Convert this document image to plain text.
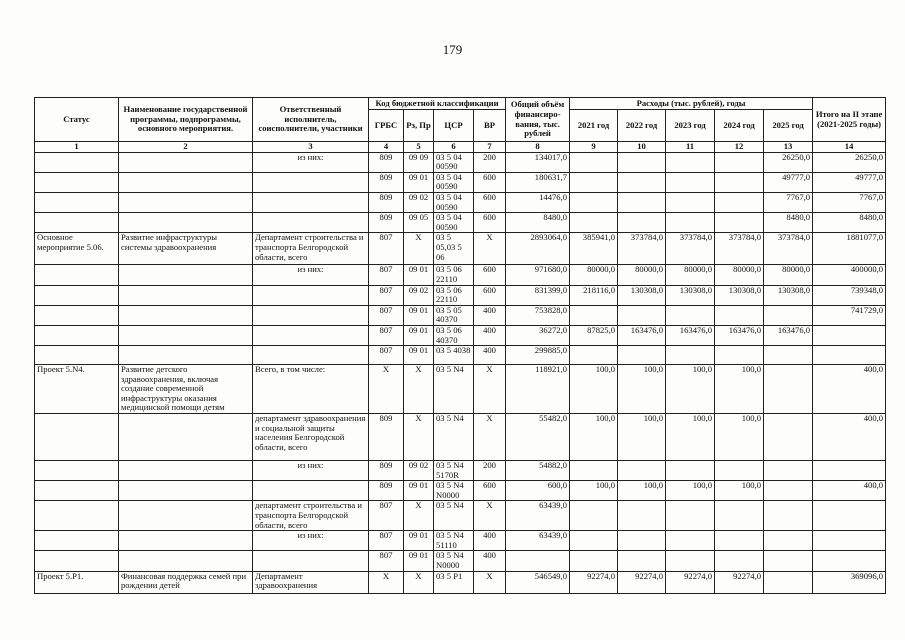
179
Статус	Наименование государственной программы, подпрограммы, основного мероприятия.	Ответственный исполнитель, соисполнители, участники	Код бюджетной классификации				Общий объём финансиро-вания, тыс. рублей	Расходы (тыс. рублей), годы					Итого на II этапе (2021-2025 годы)
			ГРБС	Рз, Пр	ЦСР	ВР		2021 год	2022 год	2023 год	2024 год	2025 год	
1	2	3	4	5	6	7	8	9	10	11	12	13	14
		из них:	809	09 09	03 5 04 00590	200	134017,0					26250,0	26250,0
			809	09 01	03 5 04 00590	600	180631,7					49777,0	49777,0
			809	09 02	03 5 04 00590	600	14476,0					7767,0	7767,0
			809	09 05	03 5 04 00590	600	8480,0					8480,0	8480,0
Основное мероприятие 5.06.	Развитие инфраструктуры системы здравоохранения	Департамент строительства и транспорта Белгородской области, всего	807	Х	03 5 05,03 5 06	Х	2893064,0	385941,0	373784,0	373784,0	373784,0	373784,0	1881077,0
		из них:	807	09 01	03 5 06 22110	600	971680,0	80000,0	80000,0	80000,0	80000,0	80000,0	400000,0
			807	09 02	03 5 06 22110	600	831399,0	218116,0	130308,0	130308,0	130308,0	130308,0	739348,0
			807	09 01	03 5 05 40370	400	753828,0						741729,0
			807	09 01	03 5 06 40370	400	36272,0	87825,0	163476,0	163476,0	163476,0	163476,0	
			807	09 01	03 5 4038	400	299885,0						
Проект 5.N4.	Развитие детского здравоохранения, включая создание современной инфраструктуры оказания медицинской помощи детям	Всего, в том числе:	Х	Х	03 5 N4	Х	118921,0	100,0	100,0	100,0	100,0		400,0
		департамент здравоохранения и социальной защиты населения Белгородской области, всего	809	Х	03 5 N4	Х	55482,0	100,0	100,0	100,0	100,0		400,0
		из них:	809	09 02	03 5 N4 5170R	200	54882,0						
			809	09 01	03 5 N4 N0000	600	600,0	100,0	100,0	100,0	100,0		400,0
		департамент строительства и транспорта Белгородской области, всего	807	Х	03 5 N4	Х	63439,0						
		из них:	807	09 01	03 5 N4 51110	400	63439,0						
			807	09 01	03 5 N4 N0000	400							
Проект 5.Р1.	Финансовая поддержка семей при рождении детей	Департамент здравоохранения	Х	Х	03 5 Р1	Х	546549,0	92274,0	92274,0	92274,0	92274,0		369096,0
